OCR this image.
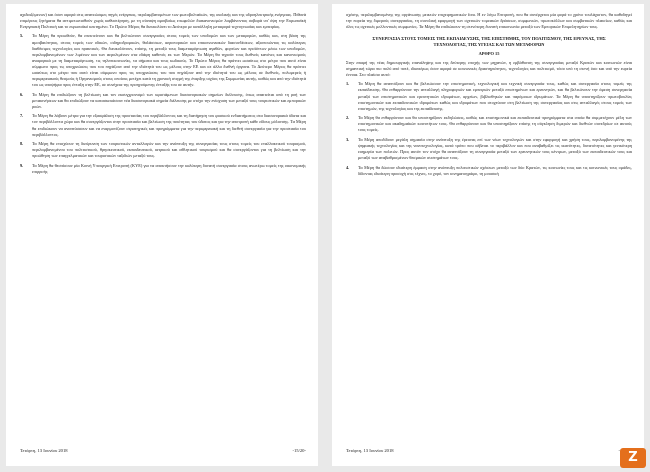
αχιδαιζόμενων) και όσον αφορά στις ανανεώσιμες πηγές ενέργειας, περιλαμβανομένων των φωτοβολταϊκών, της αιολικής και της υδροηλεκτρικής ενέργειας. Πιθανά επιμέρους ζητήματα θα αντιμετωπισθούν χωρίς καθυστέρηση, με τη σύναψη αμοιβαίως επωφελών διακανονισμών λαμβάνοντας σοβαρά υπ' όψη την Ευρωπαϊκή Ενεργειακή Πολιτική και το ευρωπαϊκό κεκτημένο. Το Πρώτο Μέρος θα διευκολύνει το Δεύτερο με κατάλληλη μεταφορά τεχνογνωσίας και εμπειρίας.

5.	Τα Μέρη θα προωθούν, θα επεκτείνουν και θα βελτιώνουν συνεργασίες στους τομείς των υποδομών και των μεταφορών, καθώς και, στη βάση της αμοιβαιότητας, στους τομείς των οδικών, σιδηροδρομικών, θαλάσσιων, αεροπορικών και επικοινωνιακών διασυνδέσεων, αξιοποιώντας τις καλύτερες διαθέσιμες τεχνολογίες και πρακτικές. Θα διευκολύνουν, επίσης, τη μεταξύ τους διαμεταφόρτωση αγαθών, φορτίων και προϊόντων μέσω των υποδομών, περιλαμβανομένων των λιμένων και των αερολιμένων στα εδάφη καθενός εκ των Μερών. Τα Μέρη θα τηρούν τους διεθνείς κανόνες και κανονισμούς αναφορικά με τη διαμεταφόρτωση, τις τηλεπικοινωνίες, τα σήματα και τους κωδικούς. Το Πρώτο Μέρος θα πράττει ωσαύτως στο μέτρο που αυτό είναι σύμφωνο προς τις υποχρεώσεις που του πηγάζουν από την ιδιότητά του ως μέλους στην ΕΕ και σε άλλα διεθνή όργανα. Το Δεύτερο Μέρος θα πράττει ωσαύτως στο μέτρο που αυτό είναι σύμφωνο προς τις υποχρεώσεις του που πηγάζουν από την ιδιότητά του ως μέλους σε διεθνείς, πολυμερείς ή περιφερειακούς θεσμούς ή Οργανισμούς στους οποίους μετέχει κατά τη χρονική στιγμή της έναρξης ισχύος της Συμφωνίας αυτής, καθώς και από την ιδιότητά του ως υποψήφιο προς ένταξη στην ΕΕ, σε συνέχεια της προηγούμενης ένταξής του σε αυτήν.
6.	Τα Μέρη θα επιδιώξουν τη βελτίωση και τον εκσυγχρονισμό των υφιστάμενων διασυνοριακών σημείων διέλευσης, όπως απαιτείται από τη ροή των μετακινήσεων και θα επιδιώξουν να κατασκευάσουν νέα διασυνοριακά σημεία διέλευσης με στόχο την ενίσχυση των μεταξύ τους τουριστικών και εμπορικών ροών.
7.	Τα Μέρη θα λάβουν μέτρα για την εξασφάλιση της προστασίας του περιβάλλοντος και τη διατήρηση του φυσικού ενδιαιτήματος στα διασυνοριακά ύδατα και τον περιβάλλοντα χώρο και θα συνεργάζονται στην προστασία και βελτίωση της ποιότητας του ύδατος και για την αποτροπή κάθε είδους μόλυνσης. Τα Μέρη θα επιδιώκουν να αναπτύσσουν και να εναρμονίζουν στρατηγικές και προγράμματα για την περιφερειακή και τη διεθνή συνεργασία για την προστασία του περιβάλλοντος.
8.	Τα Μέρη θα ενισχύουν τη διεύρυνση των τουριστικών ανταλλαγών και την ανάπτυξη της συνεργασίας τους στους τομείς του εναλλακτικού τουρισμού, περιλαμβανομένου του πολιτιστικού, θρησκευτικού, εκπαιδευτικού, ιατρικού και αθλητικού τουρισμού και θα συνεργάζονται για τη βελτίωση και την προώθηση των επαγγελματικών και τουριστικών ταξιδιών μεταξύ τους.
9.	Τα Μέρη θα θεσπίσουν μία Κοινή Υπουργική Επιτροπή (ΚΥΕ) για να αποκτήσουν την καλύτερη δυνατή συνεργασία στους ανωτέρω τομείς της οικονομικής επιρροής
Τετάρτη, 13 Ιουνίου 2018	-15/20-

σχέσης, περιλαμβανομένης της οργάνωσης μεικτών επιχειρηματικών fora. Η εν λόγω Επιτροπή, που θα συνέρχεται μία φορά το χρόνο τουλάχιστον, θα καθοδηγεί την πορεία της διμερούς συνεργασίας, τη συνολική εφαρμογή των σχετικών τομεακών δράσεων, συμφωνιών, πρωτοκόλλων και συμβατικών πλαισίων, καθώς και όλες τις σχετικές μελλοντικές συμφωνίες. Τα Μέρη θα επιδιώκουν τη στενότερη δυνατή επικοινωνία μεταξύ των Εμπορικών Επιμελητηρίων τους.

ΣΥΝΕΡΓΑΣΙΑ ΣΤΟΥΣ ΤΟΜΕΙΣ ΤΗΣ ΕΚΠΑΙΔΕΥΣΗΣ, ΤΗΣ ΕΠΙΣΤΗΜΗΣ, ΤΟΥ ΠΟΛΙΤΙΣΜΟΥ, ΤΗΣ ΕΡΕΥΝΑΣ, ΤΗΣ ΤΕΧΝΟΛΟΓΙΑΣ, ΤΗΣ ΥΓΕΙΑΣ ΚΑΙ ΤΩΝ ΜΕΤΑΦΟΡΩΝ
ΑΡΘΡΟ 15

Στην επαφή της νέας δημιουργικής επανάληψης και της δεύτερης εποχής των μηχανών, η εμβάθυνση της συνεργασίας μεταξύ Κρατών και κοινωνιών είναι σημαντική τώρα πιο πολύ από ποτέ, ιδιαιτέρως όσον αφορά σε κοινωνικές δραστηριότητες, τεχνολογίες και πολιτισμό, τόσο υπό τη στενή όσο και υπό την ευρεία έννοια. Στο πλαίσιο αυτό:

1.	Τα Μέρη θα αναπτύξουν και θα βελτιώσουν την επιστημονική, τεχνολογική και τεχνική συνεργασία τους, καθώς και συνεργασία στους τομείς της εκπαίδευσης. Θα ενθαρρύνουν την ανταλλαγή πληροφοριών και εμπειριών μεταξύ επιστημόνων και ερευνητών, και θα βελτιώνουν την άμεση συνεργασία μεταξύ των επιστημονικών και ερευνητικών ιδρυμάτων, αρχείων, βιβλιοθηκών και παρόμοιων ιδρυμάτων. Τα Μέρη θα υποστηρίζουν πρωτοβουλίες επιστημονικών και εκπαιδευτικών ιδρυμάτων καθώς και ιδρυμάτων που στοχεύουν στη βελτίωση της συνεργασίας και στις ανταλλαγές στους τομείς των επιστημών, της τεχνολογίας και της εκπαίδευσης.
2.	Τα Μέρη θα ενθαρρύνουν και θα υποστηρίξουν εκδηλώσεις, καθώς και επιστημονικά και εκπαιδευτικά προγράμματα στα οποία θα συμμετέχουν μέλη των επιστημονικών και ακαδημαϊκών κοινοτήτων τους. Θα ενθαρρύνουν και θα υποστηρίξουν επίσης τη σύγκληση διμερών και διεθνών συνεδρίων σε αυτούς τους τομείς.
3.	Τα Μέρη αποδίδουν μεγάλη σημασία στην ανάπτυξη της έρευνας επί των νέων τεχνολογιών και στην εφαρμογή και χρήση τους, περιλαμβανομένης της ψηφιακής τεχνολογίας και της νανοτεχνολογίας, κατά τρόπο που σέβεται το περιβάλλον και που αναβαθμίζει τις ικανότητες, δυνατότητες και γενικότερη ευημερία των πολιτών. Προς αυτόν τον στόχο θα αναπτύξουν τη συνεργασία μεταξύ των ερευνητικών τους κέντρων, μεταξύ των εκπαιδευτικών τους και μεταξύ των αναβαθμισμένων θεσμικών συστημάτων τους.
4.	Τα Μέρη θα δώσουν ιδιαίτερη έμφαση στην ανάπτυξη πολιτιστικών σχέσεων μεταξύ των δύο Κρατών, τις κοινωνίες τους και τις κοινωνικές τους ομάδες, δίδοντας ιδιαίτερη προσοχή στις τέχνες, το χορό, τον κινηματογράφο, τη μουσική
Τετάρτη, 13 Ιουνίου 2018	Ζ
